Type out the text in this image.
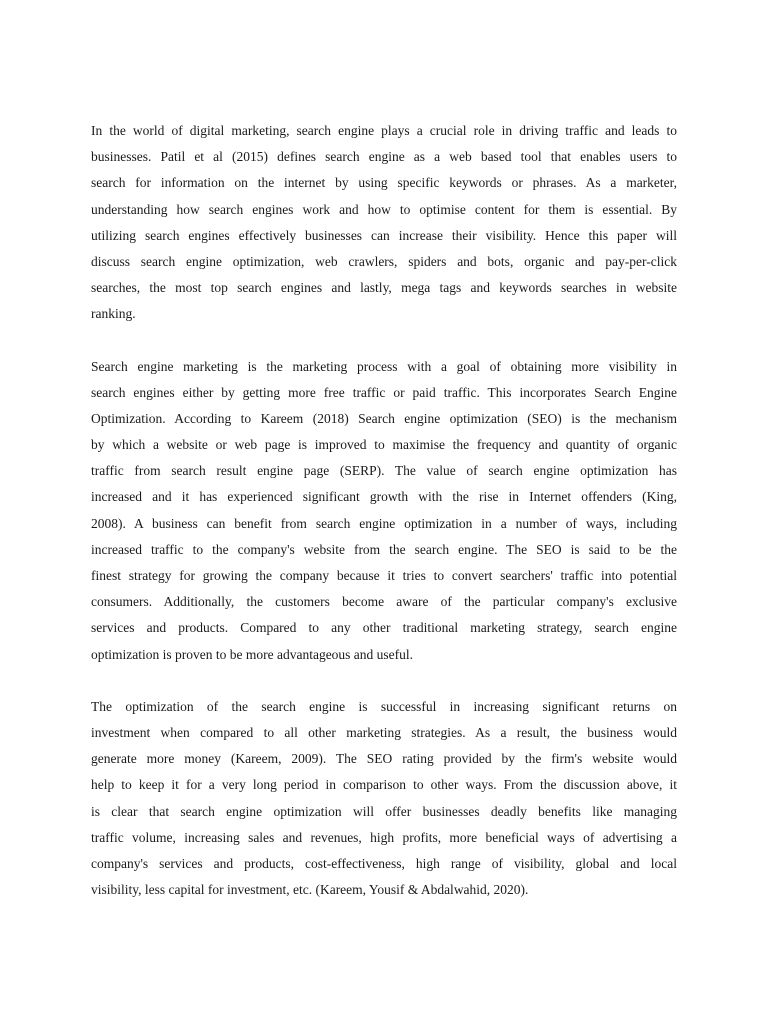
In the world of digital marketing, search engine plays a crucial role in driving traffic and leads to
businesses. Patil et al (2015) defines search engine as a web based tool that enables users to
search for information on the internet by using specific keywords or phrases. As a marketer,
understanding how search engines work and how to optimise content for them is essential. By
utilizing search engines effectively businesses can increase their visibility. Hence this paper will
discuss search engine optimization, web crawlers, spiders and bots, organic and pay-per-click
searches, the most top search engines and lastly, mega tags and keywords searches in website
ranking.

Search engine marketing is the marketing process with a goal of obtaining more visibility in
search engines either by getting more free traffic or paid traffic. This incorporates Search Engine
Optimization. According to Kareem (2018) Search engine optimization (SEO) is the mechanism
by which a website or web page is improved to maximise the frequency and quantity of organic
traffic from search result engine page (SERP). The value of search engine optimization has
increased and it has experienced significant growth with the rise in Internet offenders (King,
2008). A business can benefit from search engine optimization in a number of ways, including
increased traffic to the company's website from the search engine. The SEO is said to be the
finest strategy for growing the company because it tries to convert searchers' traffic into potential
consumers. Additionally, the customers become aware of the particular company's exclusive
services and products. Compared to any other traditional marketing strategy, search engine
optimization is proven to be more advantageous and useful.

The optimization of the search engine is successful in increasing significant returns on
investment when compared to all other marketing strategies. As a result, the business would
generate more money (Kareem, 2009). The SEO rating provided by the firm's website would
help to keep it for a very long period in comparison to other ways. From the discussion above, it
is clear that search engine optimization will offer businesses deadly benefits like managing
traffic volume, increasing sales and revenues, high profits, more beneficial ways of advertising a
company's services and products, cost-effectiveness, high range of visibility, global and local
visibility, less capital for investment, etc. (Kareem, Yousif & Abdalwahid, 2020).
